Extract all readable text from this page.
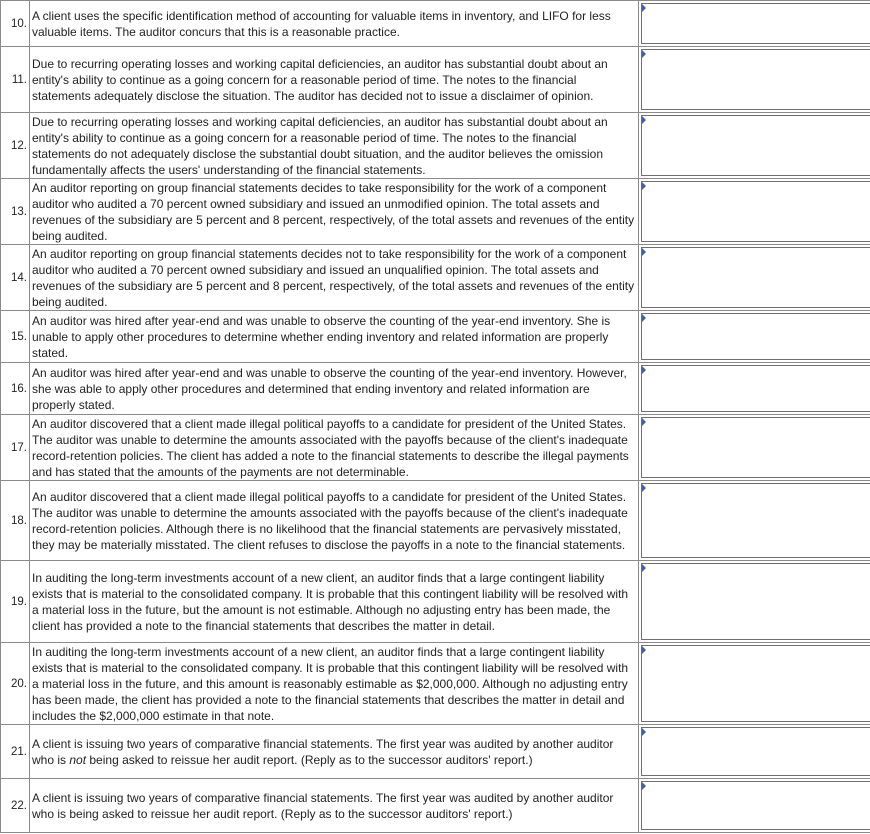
10.	A client uses the specific identification method of accounting for valuable items in inventory, and LIFO for less valuable items. The auditor concurs that this is a reasonable practice.	

11.	Due to recurring operating losses and working capital deficiencies, an auditor has substantial doubt about an entity's ability to continue as a going concern for a reasonable period of time. The notes to the financial statements adequately disclose the situation. The auditor has decided not to issue a disclaimer of opinion.	

12.	Due to recurring operating losses and working capital deficiencies, an auditor has substantial doubt about an entity's ability to continue as a going concern for a reasonable period of time. The notes to the financial statements do not adequately disclose the substantial doubt situation, and the auditor believes the omission fundamentally affects the users' understanding of the financial statements.	

13.	An auditor reporting on group financial statements decides to take responsibility for the work of a component auditor who audited a 70 percent owned subsidiary and issued an unmodified opinion. The total assets and revenues of the subsidiary are 5 percent and 8 percent, respectively, of the total assets and revenues of the entity being audited.	

14.	An auditor reporting on group financial statements decides not to take responsibility for the work of a component auditor who audited a 70 percent owned subsidiary and issued an unqualified opinion. The total assets and revenues of the subsidiary are 5 percent and 8 percent, respectively, of the total assets and revenues of the entity being audited.	

15.	An auditor was hired after year-end and was unable to observe the counting of the year-end inventory. She is unable to apply other procedures to determine whether ending inventory and related information are properly stated.	

16.	An auditor was hired after year-end and was unable to observe the counting of the year-end inventory. However, she was able to apply other procedures and determined that ending inventory and related information are properly stated.	

17.	An auditor discovered that a client made illegal political payoffs to a candidate for president of the United States. The auditor was unable to determine the amounts associated with the payoffs because of the client's inadequate record-retention policies. The client has added a note to the financial statements to describe the illegal payments and has stated that the amounts of the payments are not determinable.	

18.	An auditor discovered that a client made illegal political payoffs to a candidate for president of the United States. The auditor was unable to determine the amounts associated with the payoffs because of the client's inadequate record-retention policies. Although there is no likelihood that the financial statements are pervasively misstated, they may be materially misstated. The client refuses to disclose the payoffs in a note to the financial statements.	

19.	In auditing the long-term investments account of a new client, an auditor finds that a large contingent liability exists that is material to the consolidated company. It is probable that this contingent liability will be resolved with a material loss in the future, but the amount is not estimable. Although no adjusting entry has been made, the client has provided a note to the financial statements that describes the matter in detail.	

20.	In auditing the long-term investments account of a new client, an auditor finds that a large contingent liability exists that is material to the consolidated company. It is probable that this contingent liability will be resolved with a material loss in the future, and this amount is reasonably estimable as $2,000,000. Although no adjusting entry has been made, the client has provided a note to the financial statements that describes the matter in detail and includes the $2,000,000 estimate in that note.	

21.	A client is issuing two years of comparative financial statements. The first year was audited by another auditor who is not being asked to reissue her audit report. (Reply as to the successor auditors' report.)	

22.	A client is issuing two years of comparative financial statements. The first year was audited by another auditor who is being asked to reissue her audit report. (Reply as to the successor auditors' report.)	
